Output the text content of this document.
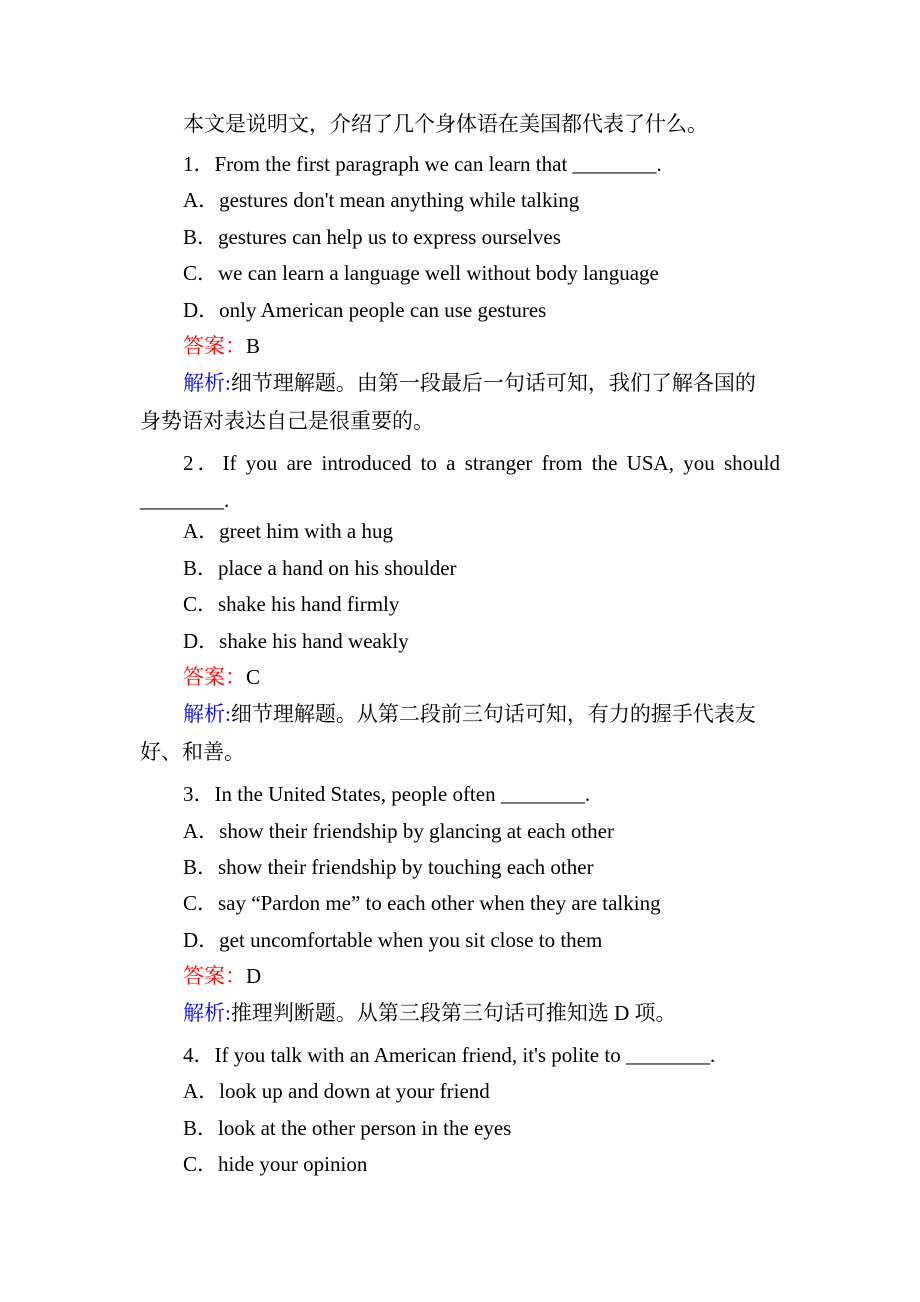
本文是说明文，介绍了几个身体语在美国都代表了什么。
1．From the first paragraph we can learn that ________.
A．gestures don't mean anything while talking
B．gestures can help us to express ourselves
C．we can learn a language well without body language
D．only American people can use gestures
答案：B
解析:细节理解题。由第一段最后一句话可知，我们了解各国的
身势语对表达自己是很重要的。
2．If you are introduced to a stranger from the USA, you should
________.
A．greet him with a hug
B．place a hand on his shoulder
C．shake his hand firmly
D．shake his hand weakly
答案：C
解析:细节理解题。从第二段前三句话可知，有力的握手代表友
好、和善。
3．In the United States, people often ________.
A．show their friendship by glancing at each other
B．show their friendship by touching each other
C．say “Pardon me” to each other when they are talking
D．get uncomfortable when you sit close to them
答案：D
解析:推理判断题。从第三段第三句话可推知选 D 项。
4．If you talk with an American friend, it's polite to ________.
A．look up and down at your friend
B．look at the other person in the eyes
C．hide your opinion
